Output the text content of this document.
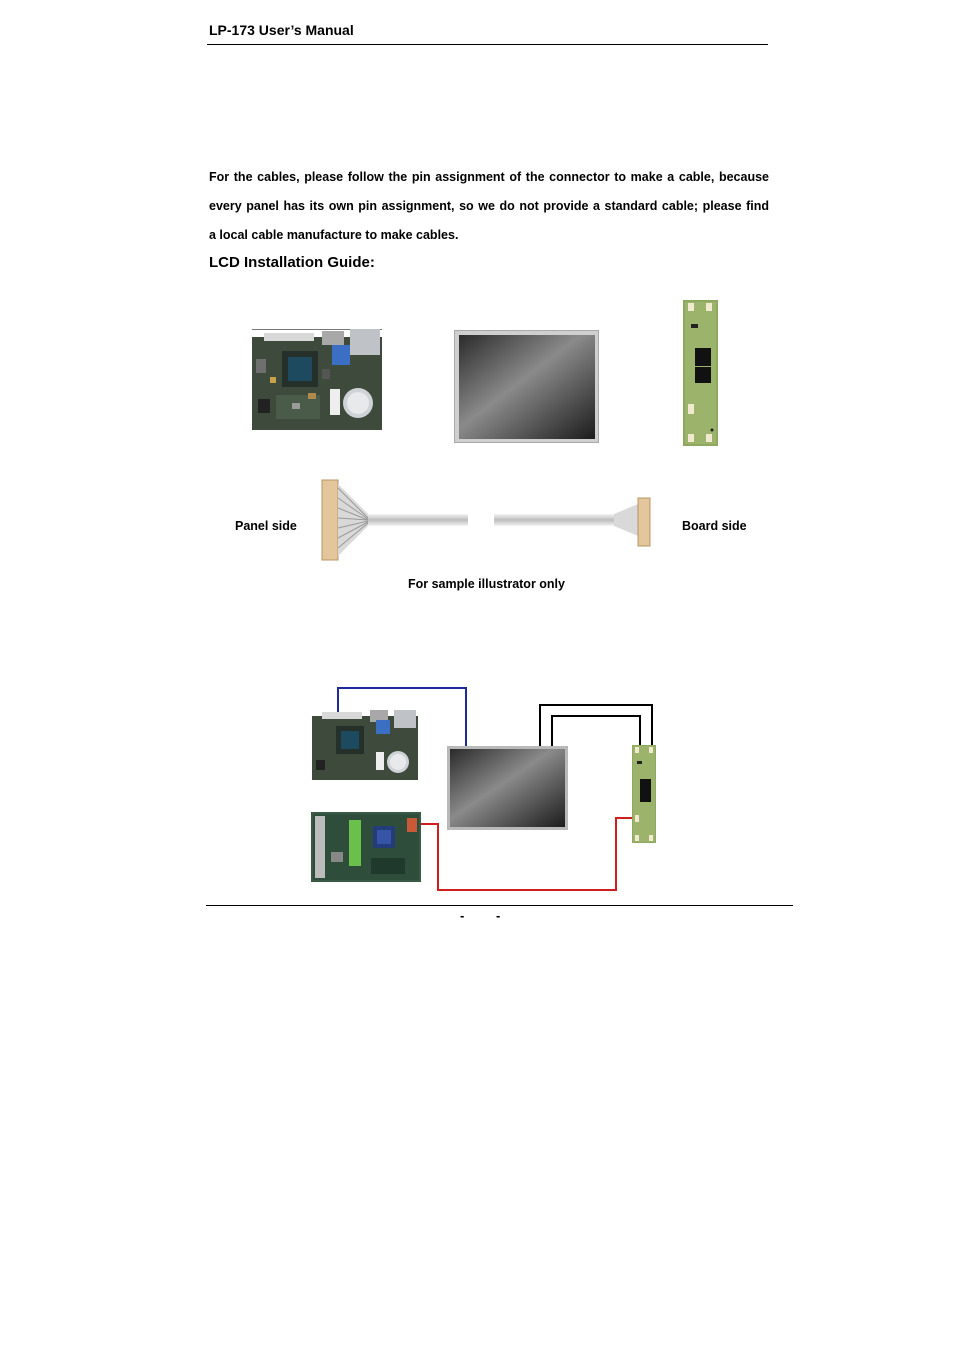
LP-173 User’s Manual
For the cables, please follow the pin assignment of the connector to make a cable, because
every panel has its own pin assignment, so we do not provide a standard cable; please find
a local cable manufacture to make cables.
LCD Installation Guide:
Panel side	Board side
For sample illustrator only
- -
